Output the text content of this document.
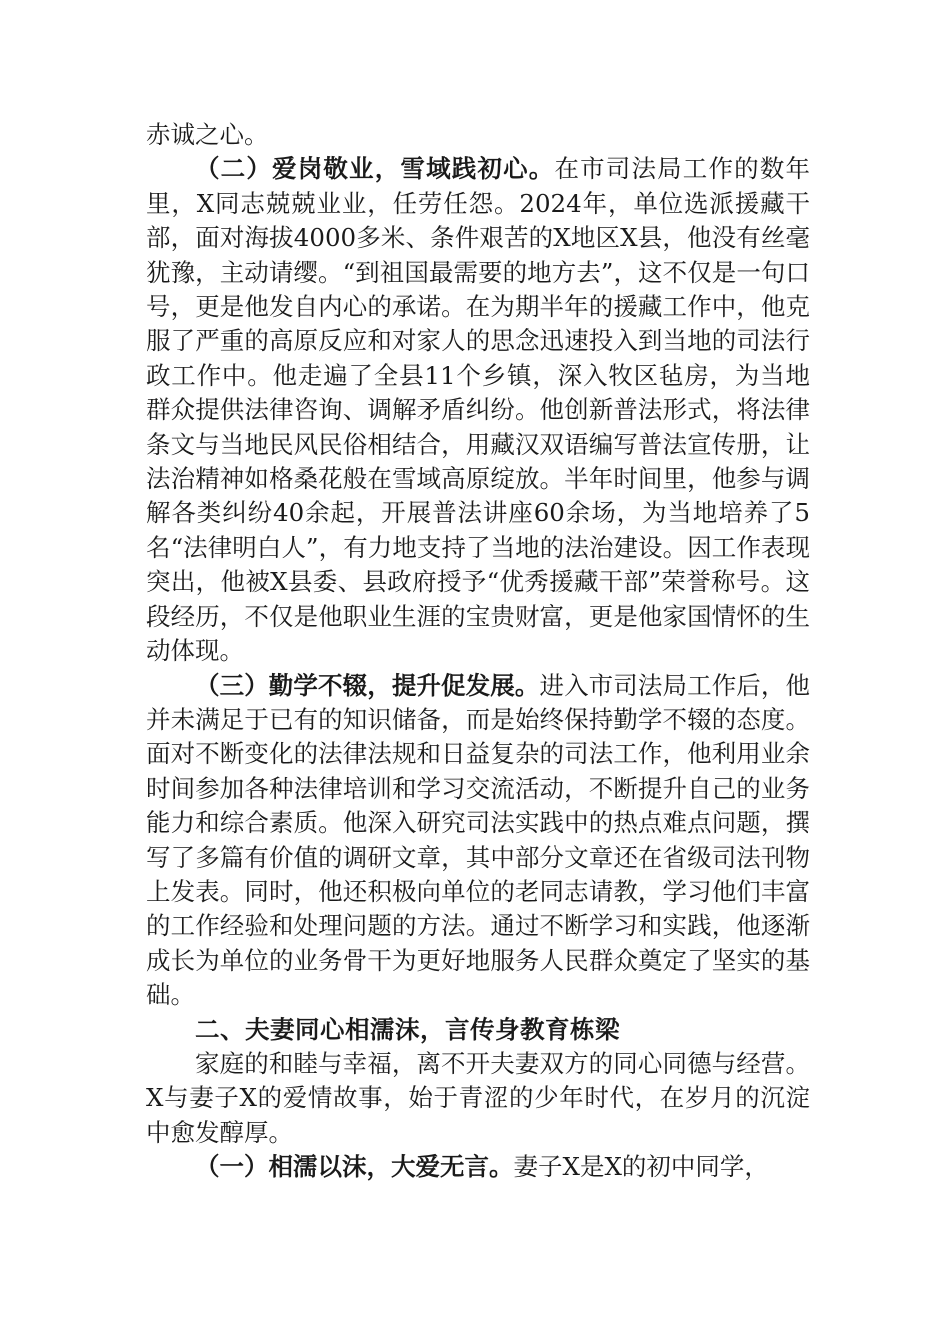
赤诚之心。

（二）爱岗敬业，雪域践初心。在市司法局工作的数年里，X同志兢兢业业，任劳任怨。2024年，单位选派援藏干部，面对海拔4000多米、条件艰苦的X地区X县，他没有丝毫犹豫，主动请缨。“到祖国最需要的地方去”，这不仅是一句口号，更是他发自内心的承诺。在为期半年的援藏工作中，他克服了严重的高原反应和对家人的思念迅速投入到当地的司法行政工作中。他走遍了全县11个乡镇，深入牧区毡房，为当地群众提供法律咨询、调解矛盾纠纷。他创新普法形式，将法律条文与当地民风民俗相结合，用藏汉双语编写普法宣传册，让法治精神如格桑花般在雪域高原绽放。半年时间里，他参与调解各类纠纷40余起，开展普法讲座60余场，为当地培养了5名“法律明白人”，有力地支持了当地的法治建设。因工作表现突出，他被X县委、县政府授予“优秀援藏干部”荣誉称号。这段经历，不仅是他职业生涯的宝贵财富，更是他家国情怀的生动体现。

（三）勤学不辍，提升促发展。进入市司法局工作后，他并未满足于已有的知识储备，而是始终保持勤学不辍的态度。面对不断变化的法律法规和日益复杂的司法工作，他利用业余时间参加各种法律培训和学习交流活动，不断提升自己的业务能力和综合素质。他深入研究司法实践中的热点难点问题，撰写了多篇有价值的调研文章，其中部分文章还在省级司法刊物上发表。同时，他还积极向单位的老同志请教，学习他们丰富的工作经验和处理问题的方法。通过不断学习和实践，他逐渐成长为单位的业务骨干为更好地服务人民群众奠定了坚实的基础。

二、夫妻同心相濡沫，言传身教育栋梁

家庭的和睦与幸福，离不开夫妻双方的同心同德与经营。X与妻子X的爱情故事，始于青涩的少年时代，在岁月的沉淀中愈发醇厚。

（一）相濡以沫，大爱无言。妻子X是X的初中同学，
